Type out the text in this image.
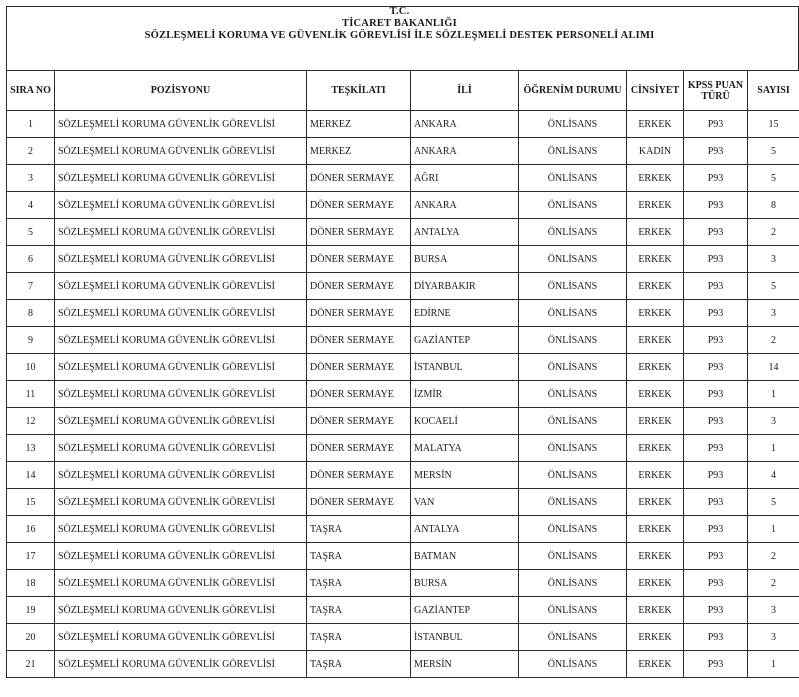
T.C.
TİCARET BAKANLIĞI
SÖZLEŞMELİ KORUMA VE GÜVENLİK GÖREVLİSİ İLE SÖZLEŞMELİ DESTEK PERSONELİ ALIMI
SIRA NO	POZİSYONU	TEŞKİLATI	İLİ	ÖĞRENİM DURUMU	CİNSİYET	KPSS PUAN TÜRÜ	SAYISI
1	SÖZLEŞMELİ KORUMA GÜVENLİK GÖREVLİSİ	MERKEZ	ANKARA	ÖNLİSANS	ERKEK	P93	15
2	SÖZLEŞMELİ KORUMA GÜVENLİK GÖREVLİSİ	MERKEZ	ANKARA	ÖNLİSANS	KADIN	P93	5
3	SÖZLEŞMELİ KORUMA GÜVENLİK GÖREVLİSİ	DÖNER SERMAYE	AĞRI	ÖNLİSANS	ERKEK	P93	5
4	SÖZLEŞMELİ KORUMA GÜVENLİK GÖREVLİSİ	DÖNER SERMAYE	ANKARA	ÖNLİSANS	ERKEK	P93	8
5	SÖZLEŞMELİ KORUMA GÜVENLİK GÖREVLİSİ	DÖNER SERMAYE	ANTALYA	ÖNLİSANS	ERKEK	P93	2
6	SÖZLEŞMELİ KORUMA GÜVENLİK GÖREVLİSİ	DÖNER SERMAYE	BURSA	ÖNLİSANS	ERKEK	P93	3
7	SÖZLEŞMELİ KORUMA GÜVENLİK GÖREVLİSİ	DÖNER SERMAYE	DİYARBAKIR	ÖNLİSANS	ERKEK	P93	5
8	SÖZLEŞMELİ KORUMA GÜVENLİK GÖREVLİSİ	DÖNER SERMAYE	EDİRNE	ÖNLİSANS	ERKEK	P93	3
9	SÖZLEŞMELİ KORUMA GÜVENLİK GÖREVLİSİ	DÖNER SERMAYE	GAZİANTEP	ÖNLİSANS	ERKEK	P93	2
10	SÖZLEŞMELİ KORUMA GÜVENLİK GÖREVLİSİ	DÖNER SERMAYE	İSTANBUL	ÖNLİSANS	ERKEK	P93	14
11	SÖZLEŞMELİ KORUMA GÜVENLİK GÖREVLİSİ	DÖNER SERMAYE	İZMİR	ÖNLİSANS	ERKEK	P93	1
12	SÖZLEŞMELİ KORUMA GÜVENLİK GÖREVLİSİ	DÖNER SERMAYE	KOCAELİ	ÖNLİSANS	ERKEK	P93	3
13	SÖZLEŞMELİ KORUMA GÜVENLİK GÖREVLİSİ	DÖNER SERMAYE	MALATYA	ÖNLİSANS	ERKEK	P93	1
14	SÖZLEŞMELİ KORUMA GÜVENLİK GÖREVLİSİ	DÖNER SERMAYE	MERSİN	ÖNLİSANS	ERKEK	P93	4
15	SÖZLEŞMELİ KORUMA GÜVENLİK GÖREVLİSİ	DÖNER SERMAYE	VAN	ÖNLİSANS	ERKEK	P93	5
16	SÖZLEŞMELİ KORUMA GÜVENLİK GÖREVLİSİ	TAŞRA	ANTALYA	ÖNLİSANS	ERKEK	P93	1
17	SÖZLEŞMELİ KORUMA GÜVENLİK GÖREVLİSİ	TAŞRA	BATMAN	ÖNLİSANS	ERKEK	P93	2
18	SÖZLEŞMELİ KORUMA GÜVENLİK GÖREVLİSİ	TAŞRA	BURSA	ÖNLİSANS	ERKEK	P93	2
19	SÖZLEŞMELİ KORUMA GÜVENLİK GÖREVLİSİ	TAŞRA	GAZİANTEP	ÖNLİSANS	ERKEK	P93	3
20	SÖZLEŞMELİ KORUMA GÜVENLİK GÖREVLİSİ	TAŞRA	İSTANBUL	ÖNLİSANS	ERKEK	P93	3
21	SÖZLEŞMELİ KORUMA GÜVENLİK GÖREVLİSİ	TAŞRA	MERSİN	ÖNLİSANS	ERKEK	P93	1
